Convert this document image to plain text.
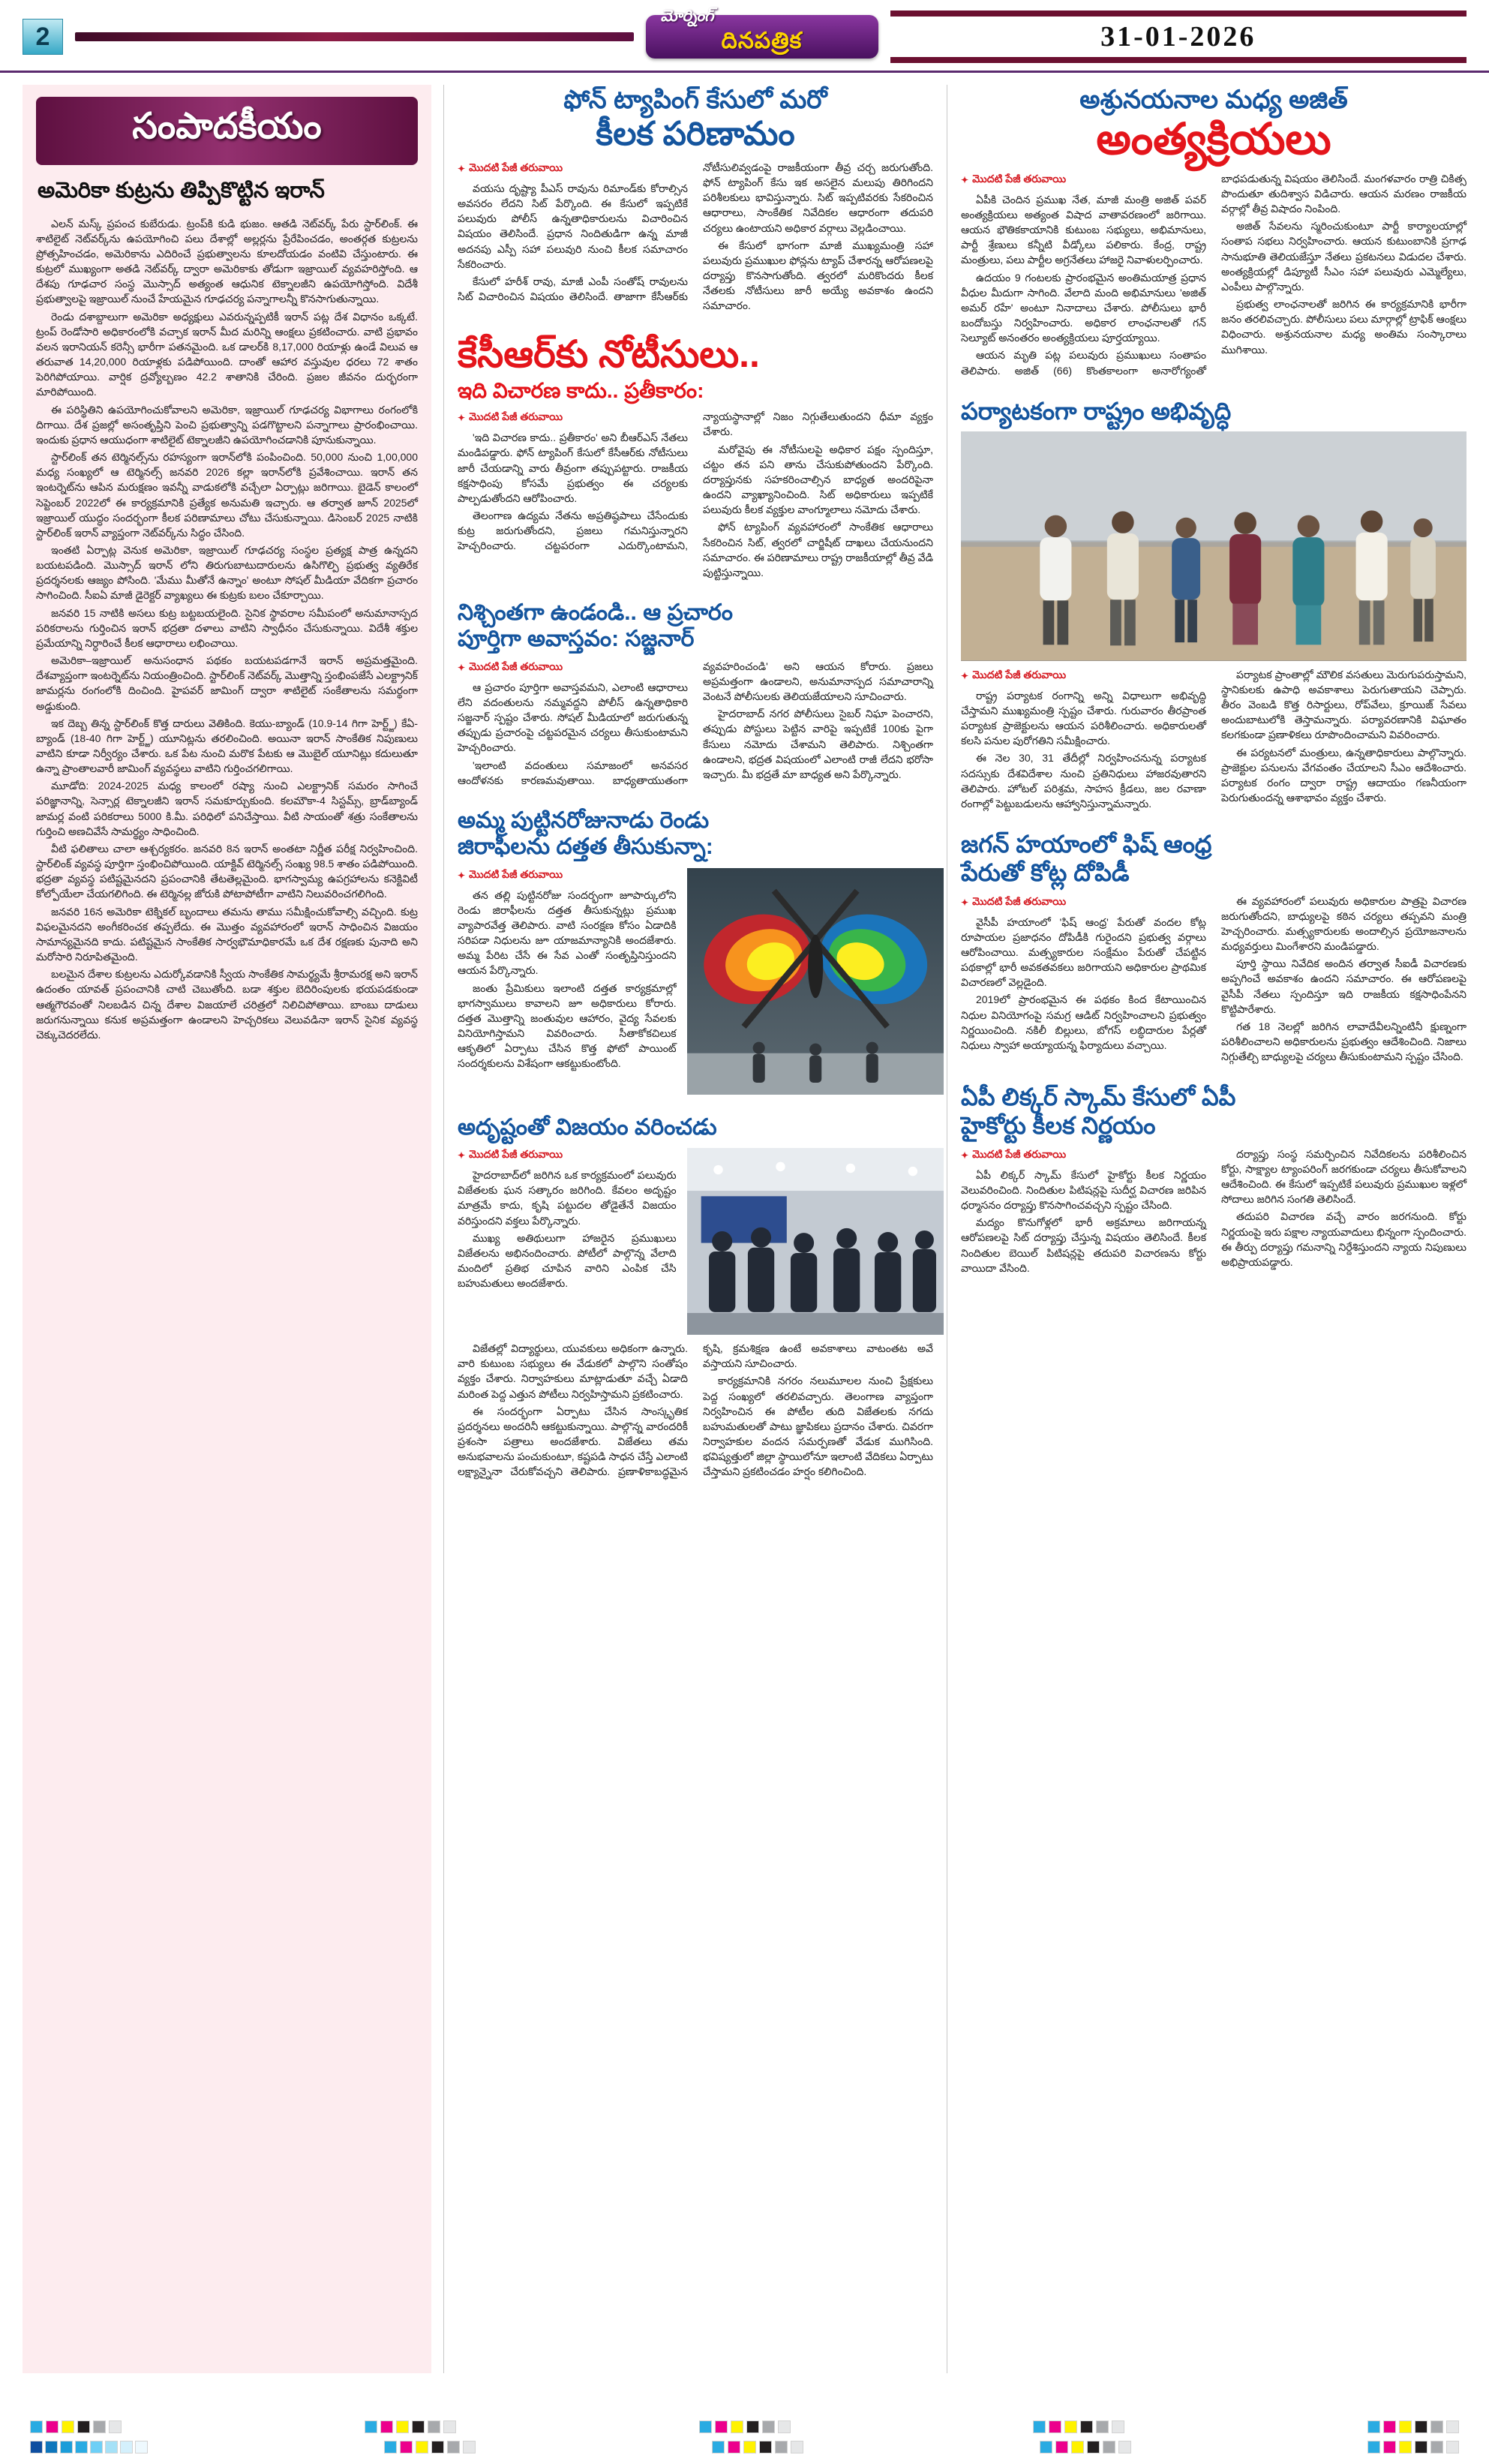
2
మోర్నింగ్
దినపత్రిక	31-01-2026
సంపాదకీయం
అమెరికా కుట్రను తిప్పికొట్టిన ఇరాన్

ఎలన్ మస్క్ ప్రపంచ కుబేరుడు. ట్రంప్‌కి కుడి భుజం. ఆతడి నెట్‌వర్క్ పేరు స్టార్‌లింక్. ఈ శాటిలైట్ నెట్‌వర్క్‌ను ఉపయోగించి పలు దేశాల్లో అల్లర్లను ప్రేరేపించడం, అంతర్గత కుట్రలను ప్రోత్సహించడం, అమెరికాను ఎదిరించే ప్రభుత్వాలను కూలదోయడం వంటివి చేస్తుంటారు. ఈ కుట్రలో ముఖ్యంగా అతడి నెట్‌వర్క్ ద్వారా అమెరికాకు తోడుగా ఇజ్రాయిల్ వ్యవహరిస్తోంది. ఆ దేశపు గూఢచార సంస్థ మొస్సాద్ అత్యంత ఆధునిక టెక్నాలజీని ఉపయోగిస్తోంది. విదేశీ ప్రభుత్వాలపై ఇజ్రాయిల్ నుంచే హేయమైన గూఢచర్య పన్నాగాలన్నీ కొనసాగుతున్నాయి.

రెండు దశాబ్దాలుగా అమెరికా అధ్యక్షులు ఎవరున్నప్పటికీ ఇరాన్ పట్ల దేశ విధానం ఒక్కటే. ట్రంప్ రెండోసారి అధికారంలోకి వచ్చాక ఇరాన్ మీద మరిన్ని ఆంక్షలు ప్రకటించారు. వాటి ప్రభావం వలన ఇరానియన్ కరెన్సీ భారీగా పతనమైంది. ఒక డాలర్‌కి 8,17,000 రియాళ్లు ఉండే విలువ ఆ తరువాత 14,20,000 రియాళ్లకు పడిపోయింది. దాంతో ఆహార వస్తువుల ధరలు 72 శాతం పెరిగిపోయాయి. వార్షిక ద్రవ్యోల్బణం 42.2 శాతానికి చేరింది. ప్రజల జీవనం దుర్భరంగా మారిపోయింది.

ఈ పరిస్థితిని ఉపయోగించుకోవాలని అమెరికా, ఇజ్రాయిల్ గూఢచర్య విభాగాలు రంగంలోకి దిగాయి. దేశ ప్రజల్లో అసంతృప్తిని పెంచి ప్రభుత్వాన్ని పడగొట్టాలని పన్నాగాలు ప్రారంభించాయి. ఇందుకు ప్రధాన ఆయుధంగా శాటిలైట్ టెక్నాలజీని ఉపయోగించడానికి పూనుకున్నాయి.

స్టార్‌లింక్ తన టెర్మినల్స్‌ను రహస్యంగా ఇరాన్‌లోకి పంపించింది. 50,000 నుంచి 1,00,000 మధ్య సంఖ్యలో ఆ టెర్మినల్స్ జనవరి 2026 కల్లా ఇరాన్‌లోకి ప్రవేశించాయి. ఇరాన్ తన ఇంటర్నెట్‌ను ఆపిన మరుక్షణం ఇవన్నీ వాడుకలోకి వచ్చేలా ఏర్పాట్లు జరిగాయి. బైడెన్ కాలంలో సెప్టెంబర్ 2022లో ఈ కార్యక్రమానికి ప్రత్యేక అనుమతి ఇచ్చారు. ఆ తర్వాత జూన్ 2025లో ఇజ్రాయిల్ యుద్ధం సందర్భంగా కీలక పరిణామాలు చోటు చేసుకున్నాయి. డిసెంబర్ 2025 నాటికి స్టార్‌లింక్ ఇరాన్ వ్యాప్తంగా నెట్‌వర్క్‌ను సిద్ధం చేసింది.

ఇంతటి ఏర్పాట్ల వెనుక అమెరికా, ఇజ్రాయిల్ గూఢచర్య సంస్థల ప్రత్యక్ష పాత్ర ఉన్నదని బయటపడింది. మొస్సాద్ ఇరాన్ లోని తిరుగుబాటుదారులను ఉసిగొల్పి ప్రభుత్వ వ్యతిరేక ప్రదర్శనలకు ఆజ్యం పోసింది. 'మేము మీతోనే ఉన్నాం' అంటూ సోషల్ మీడియా వేదికగా ప్రచారం సాగించింది. సీఐఏ మాజీ డైరెక్టర్ వ్యాఖ్యలు ఈ కుట్రకు బలం చేకూర్చాయి.

జనవరి 15 నాటికి అసలు కుట్ర బట్టబయలైంది. సైనిక స్థావరాల సమీపంలో అనుమానాస్పద పరికరాలను గుర్తించిన ఇరాన్ భద్రతా దళాలు వాటిని స్వాధీనం చేసుకున్నాయి. విదేశీ శక్తుల ప్రమేయాన్ని నిర్ధారించే కీలక ఆధారాలు లభించాయి.

అమెరికా–ఇజ్రాయిల్ అనుసంధాన పథకం బయటపడగానే ఇరాన్ అప్రమత్తమైంది. దేశవ్యాప్తంగా ఇంటర్నెట్‌ను నియంత్రించింది. స్టార్‌లింక్ నెట్‌వర్క్ మొత్తాన్ని స్తంభింపజేసే ఎలక్ట్రానిక్ జామర్లను రంగంలోకి దించింది. హైపవర్ జామింగ్ ద్వారా శాటిలైట్ సంకేతాలను సమర్థంగా అడ్డుకుంది.

ఇక దెబ్బ తిన్న స్టార్‌లింక్ కొత్త దారులు వెతికింది. కెయు-బ్యాండ్ (10.9-14 గిగా హెర్ట్జ్) కేఏ-బ్యాండ్ (18-40 గిగా హెర్ట్జ్) యూనిట్లను తరలించింది. అయినా ఇరాన్ సాంకేతిక నిపుణులు వాటిని కూడా నిర్వీర్యం చేశారు. ఒక పేట నుంచి మరొక పేటకు ఆ మొబైల్ యూనిట్లు కదులుతూ ఉన్నా ప్రాంతాలవారీ జామింగ్ వ్యవస్థలు వాటిని గుర్తించగలిగాయి.

మూడోది: 2024-2025 మధ్య కాలంలో రష్యా నుంచి ఎలక్ట్రానిక్ సమరం సాగించే పరిజ్ఞానాన్ని, సెన్సార్ల టెక్నాలజీని ఇరాన్ సమకూర్చుకుంది. కలమౌకా-4 సిస్టమ్స్, బ్రాడ్‌బ్యాండ్ జామర్ల వంటి పరికరాలు 5000 కి.మీ. పరిధిలో పనిచేస్తాయి. వీటి సాయంతో శత్రు సంకేతాలను గుర్తించి అణచివేసే సామర్థ్యం సాధించింది.

వీటి ఫలితాలు చాలా ఆశ్చర్యకరం. జనవరి 8న ఇరాన్ అంతటా నిర్ణీత పరీక్ష నిర్వహించింది. స్టార్‌లింక్ వ్యవస్థ పూర్తిగా స్తంభించిపోయింది. యాక్టివ్ టెర్మినల్స్ సంఖ్య 98.5 శాతం పడిపోయింది. భద్రతా వ్యవస్థ పటిష్టమైనదని ప్రపంచానికి తేటతెల్లమైంది. భాగస్వామ్య ఉపగ్రహాలను కనెక్టివిటీ కోల్పోయేలా చేయగలిగింది. ఈ టెర్మినల్ల జోరుకి పోటాపోటీగా వాటిని నిలువరించగలిగింది.

జనవరి 16న అమెరికా టెక్నికల్ బృందాలు తమను తాము సమీక్షించుకోవాల్సి వచ్చింది. కుట్ర విఫలమైనదని అంగీకరించక తప్పలేదు. ఈ మొత్తం వ్యవహారంలో ఇరాన్ సాధించిన విజయం సామాన్యమైనది కాదు. పటిష్టమైన సాంకేతిక సార్వభౌమాధికారమే ఒక దేశ రక్షణకు పునాది అని మరోసారి నిరూపితమైంది.

బలమైన దేశాల కుట్రలను ఎదుర్కోవడానికి స్వీయ సాంకేతిక సామర్థ్యమే శ్రీరామరక్ష అని ఇరాన్ ఉదంతం యావత్ ప్రపంచానికి చాటి చెబుతోంది. బడా శక్తుల బెదిరింపులకు భయపడకుండా ఆత్మగౌరవంతో నిలబడిన చిన్న దేశాల విజయాలే చరిత్రలో నిలిచిపోతాయి. బాంబు దాడులు జరుగనున్నాయి కనుక అప్రమత్తంగా ఉండాలని హెచ్చరికలు వెలువడినా ఇరాన్ సైనిక వ్యవస్థ చెక్కుచెదరలేదు.

ఫోన్ ట్యాపింగ్ కేసులో మరో
కీలక పరిణామం
✦ మొదటి పేజీ తరువాయి

వయసు దృష్ట్యా పీఎస్ రావును రిమాండ్‌కు కోరాల్సిన అవసరం లేదని సిట్ పేర్కొంది. ఈ కేసులో ఇప్పటికే పలువురు పోలీస్ ఉన్నతాధికారులను విచారించిన విషయం తెలిసిందే. ప్రధాన నిందితుడిగా ఉన్న మాజీ అదనపు ఎస్పీ సహా పలువురి నుంచి కీలక సమాచారం సేకరించారు.

కేసులో హరీశ్ రావు, మాజీ ఎంపీ సంతోష్ రావులను సిట్ విచారించిన విషయం తెలిసిందే. తాజాగా కేసీఆర్‌కు నోటీసులివ్వడంపై రాజకీయంగా తీవ్ర చర్చ జరుగుతోంది. ఫోన్ ట్యాపింగ్ కేసు ఇక అసలైన మలుపు తిరిగిందని పరిశీలకులు భావిస్తున్నారు. సిట్ ఇప్పటివరకు సేకరించిన ఆధారాలు, సాంకేతిక నివేదికల ఆధారంగా తదుపరి చర్యలు ఉంటాయని అధికార వర్గాలు వెల్లడించాయి.

ఈ కేసులో భాగంగా మాజీ ముఖ్యమంత్రి సహా పలువురు ప్రముఖుల ఫోన్లను ట్యాప్ చేశారన్న ఆరోపణలపై దర్యాప్తు కొనసాగుతోంది. త్వరలో మరికొందరు కీలక నేతలకు నోటీసులు జారీ అయ్యే అవకాశం ఉందని సమాచారం.

కేసీఆర్‌కు నోటీసులు..
ఇది విచారణ కాదు.. ప్రతీకారం:
✦ మొదటి పేజీ తరువాయి

'ఇది విచారణ కాదు.. ప్రతీకారం' అని బీఆర్ఎస్ నేతలు మండిపడ్డారు. ఫోన్ ట్యాపింగ్ కేసులో కేసీఆర్‌కు నోటీసులు జారీ చేయడాన్ని వారు తీవ్రంగా తప్పుపట్టారు. రాజకీయ కక్షసాధింపు కోసమే ప్రభుత్వం ఈ చర్యలకు పాల్పడుతోందని ఆరోపించారు.

తెలంగాణ ఉద్యమ నేతను అప్రతిష్ఠపాలు చేసేందుకు కుట్ర జరుగుతోందని, ప్రజలు గమనిస్తున్నారని హెచ్చరించారు. చట్టపరంగా ఎదుర్కొంటామని, న్యాయస్థానాల్లో నిజం నిగ్గుతేలుతుందని ధీమా వ్యక్తం చేశారు.

మరోవైపు ఈ నోటీసులపై అధికార పక్షం స్పందిస్తూ, చట్టం తన పని తాను చేసుకుపోతుందని పేర్కొంది. దర్యాప్తునకు సహకరించాల్సిన బాధ్యత అందరిపైనా ఉందని వ్యాఖ్యానించింది. సిట్ అధికారులు ఇప్పటికే పలువురు కీలక వ్యక్తుల వాంగ్మూలాలు నమోదు చేశారు.

ఫోన్ ట్యాపింగ్ వ్యవహారంలో సాంకేతిక ఆధారాలు సేకరించిన సిట్, త్వరలో చార్జిషీట్ దాఖలు చేయనుందని సమాచారం. ఈ పరిణామాలు రాష్ట్ర రాజకీయాల్లో తీవ్ర వేడి పుట్టిస్తున్నాయి.

నిశ్చింతగా ఉండండి.. ఆ ప్రచారం
పూర్తిగా అవాస్తవం: సజ్జనార్
✦ మొదటి పేజీ తరువాయి

ఆ ప్రచారం పూర్తిగా అవాస్తవమని, ఎలాంటి ఆధారాలు లేని వదంతులను నమ్మవద్దని పోలీస్ ఉన్నతాధికారి సజ్జనార్ స్పష్టం చేశారు. సోషల్ మీడియాలో జరుగుతున్న తప్పుడు ప్రచారంపై చట్టపరమైన చర్యలు తీసుకుంటామని హెచ్చరించారు.

'ఇలాంటి వదంతులు సమాజంలో అనవసర ఆందోళనకు కారణమవుతాయి. బాధ్యతాయుతంగా వ్యవహరించండి' అని ఆయన కోరారు. ప్రజలు అప్రమత్తంగా ఉండాలని, అనుమానాస్పద సమాచారాన్ని వెంటనే పోలీసులకు తెలియజేయాలని సూచించారు.

హైదరాబాద్ నగర పోలీసులు సైబర్ నిఘా పెంచారని, తప్పుడు పోస్టులు పెట్టిన వారిపై ఇప్పటికే 100కు పైగా కేసులు నమోదు చేశామని తెలిపారు. నిశ్చింతగా ఉండాలని, భద్రత విషయంలో ఎలాంటి రాజీ లేదని భరోసా ఇచ్చారు. మీ భద్రతే మా బాధ్యత అని పేర్కొన్నారు.

అమ్మ పుట్టినరోజునాడు రెండు
జిరాఫీలను దత్తత తీసుకున్నా:
✦ మొదటి పేజీ తరువాయి

తన తల్లి పుట్టినరోజు సందర్భంగా జూపార్కులోని రెండు జిరాఫీలను దత్తత తీసుకున్నట్లు ప్రముఖ వ్యాపారవేత్త తెలిపారు. వాటి సంరక్షణ కోసం ఏడాదికి సరిపడా నిధులను జూ యాజమాన్యానికి అందజేశారు. అమ్మ పేరిట చేసే ఈ సేవ ఎంతో సంతృప్తినిస్తుందని ఆయన పేర్కొన్నారు.

జంతు ప్రేమికులు ఇలాంటి దత్తత కార్యక్రమాల్లో భాగస్వాములు కావాలని జూ అధికారులు కోరారు. దత్తత మొత్తాన్ని జంతువుల ఆహారం, వైద్య సేవలకు వినియోగిస్తామని వివరించారు. సీతాకోకచిలుక ఆకృతిలో ఏర్పాటు చేసిన కొత్త ఫోటో పాయింట్ సందర్శకులను విశేషంగా ఆకట్టుకుంటోంది.

అదృష్టంతో విజయం వరించడు
✦ మొదటి పేజీ తరువాయి

హైదరాబాద్‌లో జరిగిన ఒక కార్యక్రమంలో పలువురు విజేతలకు ఘన సత్కారం జరిగింది. కేవలం అదృష్టం మాత్రమే కాదు, కృషి పట్టుదల తోడైతేనే విజయం వరిస్తుందని వక్తలు పేర్కొన్నారు.

ముఖ్య అతిథులుగా హాజరైన ప్రముఖులు విజేతలను అభినందించారు. పోటీలో పాల్గొన్న వేలాది మందిలో ప్రతిభ చూపిన వారిని ఎంపిక చేసి బహుమతులు అందజేశారు.

విజేతల్లో విద్యార్థులు, యువకులు అధికంగా ఉన్నారు. వారి కుటుంబ సభ్యులు ఈ వేడుకలో పాల్గొని సంతోషం వ్యక్తం చేశారు. నిర్వాహకులు మాట్లాడుతూ వచ్చే ఏడాది మరింత పెద్ద ఎత్తున పోటీలు నిర్వహిస్తామని ప్రకటించారు.

ఈ సందర్భంగా ఏర్పాటు చేసిన సాంస్కృతిక ప్రదర్శనలు అందరినీ ఆకట్టుకున్నాయి. పాల్గొన్న వారందరికీ ప్రశంసా పత్రాలు అందజేశారు. విజేతలు తమ అనుభవాలను పంచుకుంటూ, కష్టపడి సాధన చేస్తే ఎలాంటి లక్ష్యాన్నైనా చేరుకోవచ్చని తెలిపారు. ప్రణాళికాబద్ధమైన కృషి, క్రమశిక్షణ ఉంటే అవకాశాలు వాటంతట అవే వస్తాయని సూచించారు.

కార్యక్రమానికి నగరం నలుమూలల నుంచి ప్రేక్షకులు పెద్ద సంఖ్యలో తరలివచ్చారు. తెలంగాణ వ్యాప్తంగా నిర్వహించిన ఈ పోటీల తుది విజేతలకు నగదు బహుమతులతో పాటు జ్ఞాపికలు ప్రదానం చేశారు. చివరగా నిర్వాహకుల వందన సమర్పణతో వేడుక ముగిసింది. భవిష్యత్తులో జిల్లా స్థాయిలోనూ ఇలాంటి వేదికలు ఏర్పాటు చేస్తామని ప్రకటించడం హర్షం కలిగించింది.

అశ్రునయనాల మధ్య అజిత్
అంత్యక్రియలు
✦ మొదటి పేజీ తరువాయి

ఏపీకి చెందిన ప్రముఖ నేత, మాజీ మంత్రి అజిత్ పవర్ అంత్యక్రియలు అత్యంత విషాద వాతావరణంలో జరిగాయి. ఆయన భౌతికకాయానికి కుటుంబ సభ్యులు, అభిమానులు, పార్టీ శ్రేణులు కన్నీటి వీడ్కోలు పలికారు. కేంద్ర, రాష్ట్ర మంత్రులు, పలు పార్టీల అగ్రనేతలు హాజరై నివాళులర్పించారు.

ఉదయం 9 గంటలకు ప్రారంభమైన అంతిమయాత్ర ప్రధాన వీధుల మీదుగా సాగింది. వేలాది మంది అభిమానులు 'అజిత్ అమర్ రహే' అంటూ నినాదాలు చేశారు. పోలీసులు భారీ బందోబస్తు నిర్వహించారు. అధికార లాంఛనాలతో గన్ సెల్యూట్ అనంతరం అంత్యక్రియలు పూర్తయ్యాయి.

ఆయన మృతి పట్ల పలువురు ప్రముఖులు సంతాపం తెలిపారు. అజిత్ (66) కొంతకాలంగా అనారోగ్యంతో బాధపడుతున్న విషయం తెలిసిందే. మంగళవారం రాత్రి చికిత్స పొందుతూ తుదిశ్వాస విడిచారు. ఆయన మరణం రాజకీయ వర్గాల్లో తీవ్ర విషాదం నింపింది.

అజిత్ సేవలను స్మరించుకుంటూ పార్టీ కార్యాలయాల్లో సంతాప సభలు నిర్వహించారు. ఆయన కుటుంబానికి ప్రగాఢ సానుభూతి తెలియజేస్తూ నేతలు ప్రకటనలు విడుదల చేశారు. అంత్యక్రియల్లో డిప్యూటీ సీఎం సహా పలువురు ఎమ్మెల్యేలు, ఎంపీలు పాల్గొన్నారు.

ప్రభుత్వ లాంఛనాలతో జరిగిన ఈ కార్యక్రమానికి భారీగా జనం తరలివచ్చారు. పోలీసులు పలు మార్గాల్లో ట్రాఫిక్ ఆంక్షలు విధించారు. అశ్రునయనాల మధ్య అంతిమ సంస్కారాలు ముగిశాయి.

పర్యాటకంగా రాష్ట్రం అభివృద్ధి
✦ మొదటి పేజీ తరువాయి

రాష్ట్ర పర్యాటక రంగాన్ని అన్ని విధాలుగా అభివృద్ధి చేస్తామని ముఖ్యమంత్రి స్పష్టం చేశారు. గురువారం తీరప్రాంత పర్యాటక ప్రాజెక్టులను ఆయన పరిశీలించారు. అధికారులతో కలసి పనుల పురోగతిని సమీక్షించారు.

ఈ నెల 30, 31 తేదీల్లో నిర్వహించనున్న పర్యాటక సదస్సుకు దేశవిదేశాల నుంచి ప్రతినిధులు హాజరవుతారని తెలిపారు. హోటల్ పరిశ్రమ, సాహస క్రీడలు, జల రవాణా రంగాల్లో పెట్టుబడులను ఆహ్వానిస్తున్నామన్నారు.

పర్యాటక ప్రాంతాల్లో మౌలిక వసతులు మెరుగుపరుస్తామని, స్థానికులకు ఉపాధి అవకాశాలు పెరుగుతాయని చెప్పారు. తీరం వెంబడి కొత్త రిసార్టులు, రోప్‌వేలు, క్రూయిజ్ సేవలు అందుబాటులోకి తెస్తామన్నారు. పర్యావరణానికి విఘాతం కలగకుండా ప్రణాళికలు రూపొందించామని వివరించారు.

ఈ పర్యటనలో మంత్రులు, ఉన్నతాధికారులు పాల్గొన్నారు. ప్రాజెక్టుల పనులను వేగవంతం చేయాలని సీఎం ఆదేశించారు. పర్యాటక రంగం ద్వారా రాష్ట్ర ఆదాయం గణనీయంగా పెరుగుతుందన్న ఆశాభావం వ్యక్తం చేశారు.

జగన్ హయాంలో ఫిష్ ఆంధ్ర
పేరుతో కోట్ల దోపిడీ
✦ మొదటి పేజీ తరువాయి

వైసీపీ హయాంలో 'ఫిష్ ఆంధ్ర' పేరుతో వందల కోట్ల రూపాయల ప్రజాధనం దోపిడీకి గురైందని ప్రభుత్వ వర్గాలు ఆరోపించాయి. మత్స్యకారుల సంక్షేమం పేరుతో చేపట్టిన పథకాల్లో భారీ అవకతవకలు జరిగాయని అధికారుల ప్రాథమిక విచారణలో వెల్లడైంది.

2019లో ప్రారంభమైన ఈ పథకం కింద కేటాయించిన నిధుల వినియోగంపై సమగ్ర ఆడిట్ నిర్వహించాలని ప్రభుత్వం నిర్ణయించింది. నకిలీ బిల్లులు, బోగస్ లబ్ధిదారుల పేర్లతో నిధులు స్వాహా అయ్యాయన్న ఫిర్యాదులు వచ్చాయి.

ఈ వ్యవహారంలో పలువురు అధికారుల పాత్రపై విచారణ జరుగుతోందని, బాధ్యులపై కఠిన చర్యలు తప్పవని మంత్రి హెచ్చరించారు. మత్స్యకారులకు అందాల్సిన ప్రయోజనాలను మధ్యవర్తులు మింగేశారని మండిపడ్డారు.

పూర్తి స్థాయి నివేదిక అందిన తర్వాత సీఐడీ విచారణకు అప్పగించే అవకాశం ఉందని సమాచారం. ఈ ఆరోపణలపై వైసీపీ నేతలు స్పందిస్తూ ఇది రాజకీయ కక్షసాధింపేనని కొట్టిపారేశారు.

గత 18 నెలల్లో జరిగిన లావాదేవీలన్నింటినీ క్షుణ్నంగా పరిశీలించాలని అధికారులను ప్రభుత్వం ఆదేశించింది. నిజాలు నిగ్గుతేల్చి బాధ్యులపై చర్యలు తీసుకుంటామని స్పష్టం చేసింది.

ఏపీ లిక్కర్ స్కామ్ కేసులో ఏపీ
హైకోర్టు కీలక నిర్ణయం
✦ మొదటి పేజీ తరువాయి

ఏపీ లిక్కర్ స్కామ్ కేసులో హైకోర్టు కీలక నిర్ణయం వెలువరించింది. నిందితుల పిటిషన్లపై సుదీర్ఘ విచారణ జరిపిన ధర్మాసనం దర్యాప్తు కొనసాగించవచ్చని స్పష్టం చేసింది.

మద్యం కొనుగోళ్లలో భారీ అక్రమాలు జరిగాయన్న ఆరోపణలపై సిట్ దర్యాప్తు చేస్తున్న విషయం తెలిసిందే. కీలక నిందితుల బెయిల్ పిటిషన్లపై తదుపరి విచారణను కోర్టు వాయిదా వేసింది.

దర్యాప్తు సంస్థ సమర్పించిన నివేదికలను పరిశీలించిన కోర్టు, సాక్ష్యాల ట్యాంపరింగ్ జరగకుండా చర్యలు తీసుకోవాలని ఆదేశించింది. ఈ కేసులో ఇప్పటికే పలువురు ప్రముఖుల ఇళ్లలో సోదాలు జరిగిన సంగతి తెలిసిందే.

తదుపరి విచారణ వచ్చే వారం జరగనుంది. కోర్టు నిర్ణయంపై ఇరు పక్షాల న్యాయవాదులు భిన్నంగా స్పందించారు. ఈ తీర్పు దర్యాప్తు గమనాన్ని నిర్దేశిస్తుందని న్యాయ నిపుణులు అభిప్రాయపడ్డారు.
